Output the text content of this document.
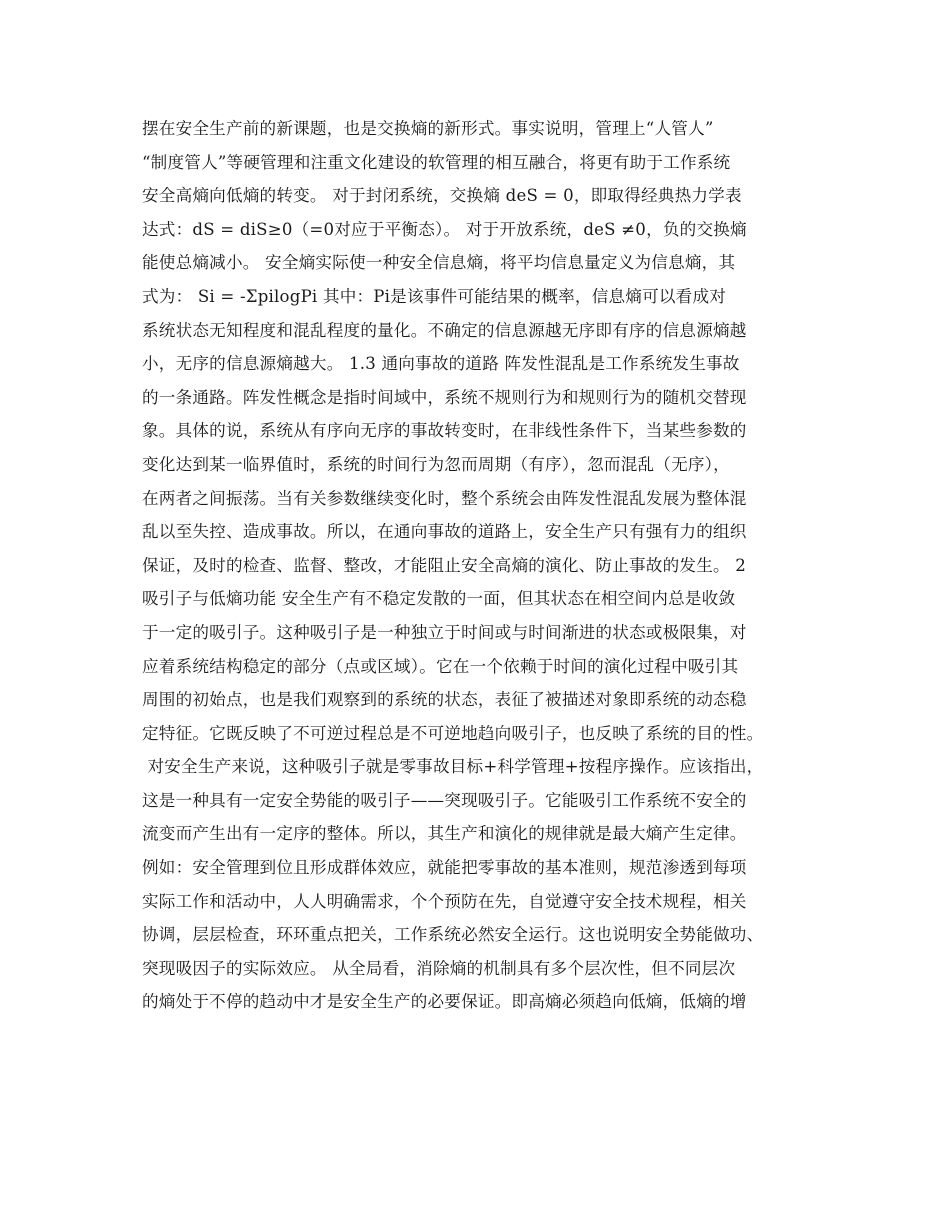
摆在安全生产前的新课题，也是交换熵的新形式。事实说明，管理上“人管人”
“制度管人”等硬管理和注重文化建设的软管理的相互融合，将更有助于工作系统
安全高熵向低熵的转变。 对于封闭系统，交换熵 deS = 0，即取得经典热力学表
达式：dS = diS≥0（=0对应于平衡态）。 对于开放系统，deS ≠0，负的交换熵
能使总熵减小。 安全熵实际使一种安全信息熵，将平均信息量定义为信息熵，其
式为： Si = -ΣpilogPi 其中：Pi是该事件可能结果的概率，信息熵可以看成对
系统状态无知程度和混乱程度的量化。不确定的信息源越无序即有序的信息源熵越
小，无序的信息源熵越大。 1.3 通向事故的道路 阵发性混乱是工作系统发生事故
的一条通路。阵发性概念是指时间域中，系统不规则行为和规则行为的随机交替现
象。具体的说，系统从有序向无序的事故转变时，在非线性条件下，当某些参数的
变化达到某一临界值时，系统的时间行为忽而周期（有序），忽而混乱（无序），
在两者之间振荡。当有关参数继续变化时，整个系统会由阵发性混乱发展为整体混
乱以至失控、造成事故。所以，在通向事故的道路上，安全生产只有强有力的组织
保证，及时的检查、监督、整改，才能阻止安全高熵的演化、防止事故的发生。 2
吸引子与低熵功能 安全生产有不稳定发散的一面，但其状态在相空间内总是收敛
于一定的吸引子。这种吸引子是一种独立于时间或与时间渐进的状态或极限集，对
应着系统结构稳定的部分（点或区域）。它在一个依赖于时间的演化过程中吸引其
周围的初始点，也是我们观察到的系统的状态，表征了被描述对象即系统的动态稳
定特征。它既反映了不可逆过程总是不可逆地趋向吸引子，也反映了系统的目的性。
对安全生产来说，这种吸引子就是零事故目标+科学管理+按程序操作。应该指出，
这是一种具有一定安全势能的吸引子——突现吸引子。它能吸引工作系统不安全的
流变而产生出有一定序的整体。所以，其生产和演化的规律就是最大熵产生定律。
例如：安全管理到位且形成群体效应，就能把零事故的基本准则，规范渗透到每项
实际工作和活动中，人人明确需求，个个预防在先，自觉遵守安全技术规程，相关
协调，层层检查，环环重点把关，工作系统必然安全运行。这也说明安全势能做功、
突现吸因子的实际效应。 从全局看，消除熵的机制具有多个层次性，但不同层次
的熵处于不停的趋动中才是安全生产的必要保证。即高熵必须趋向低熵，低熵的增
